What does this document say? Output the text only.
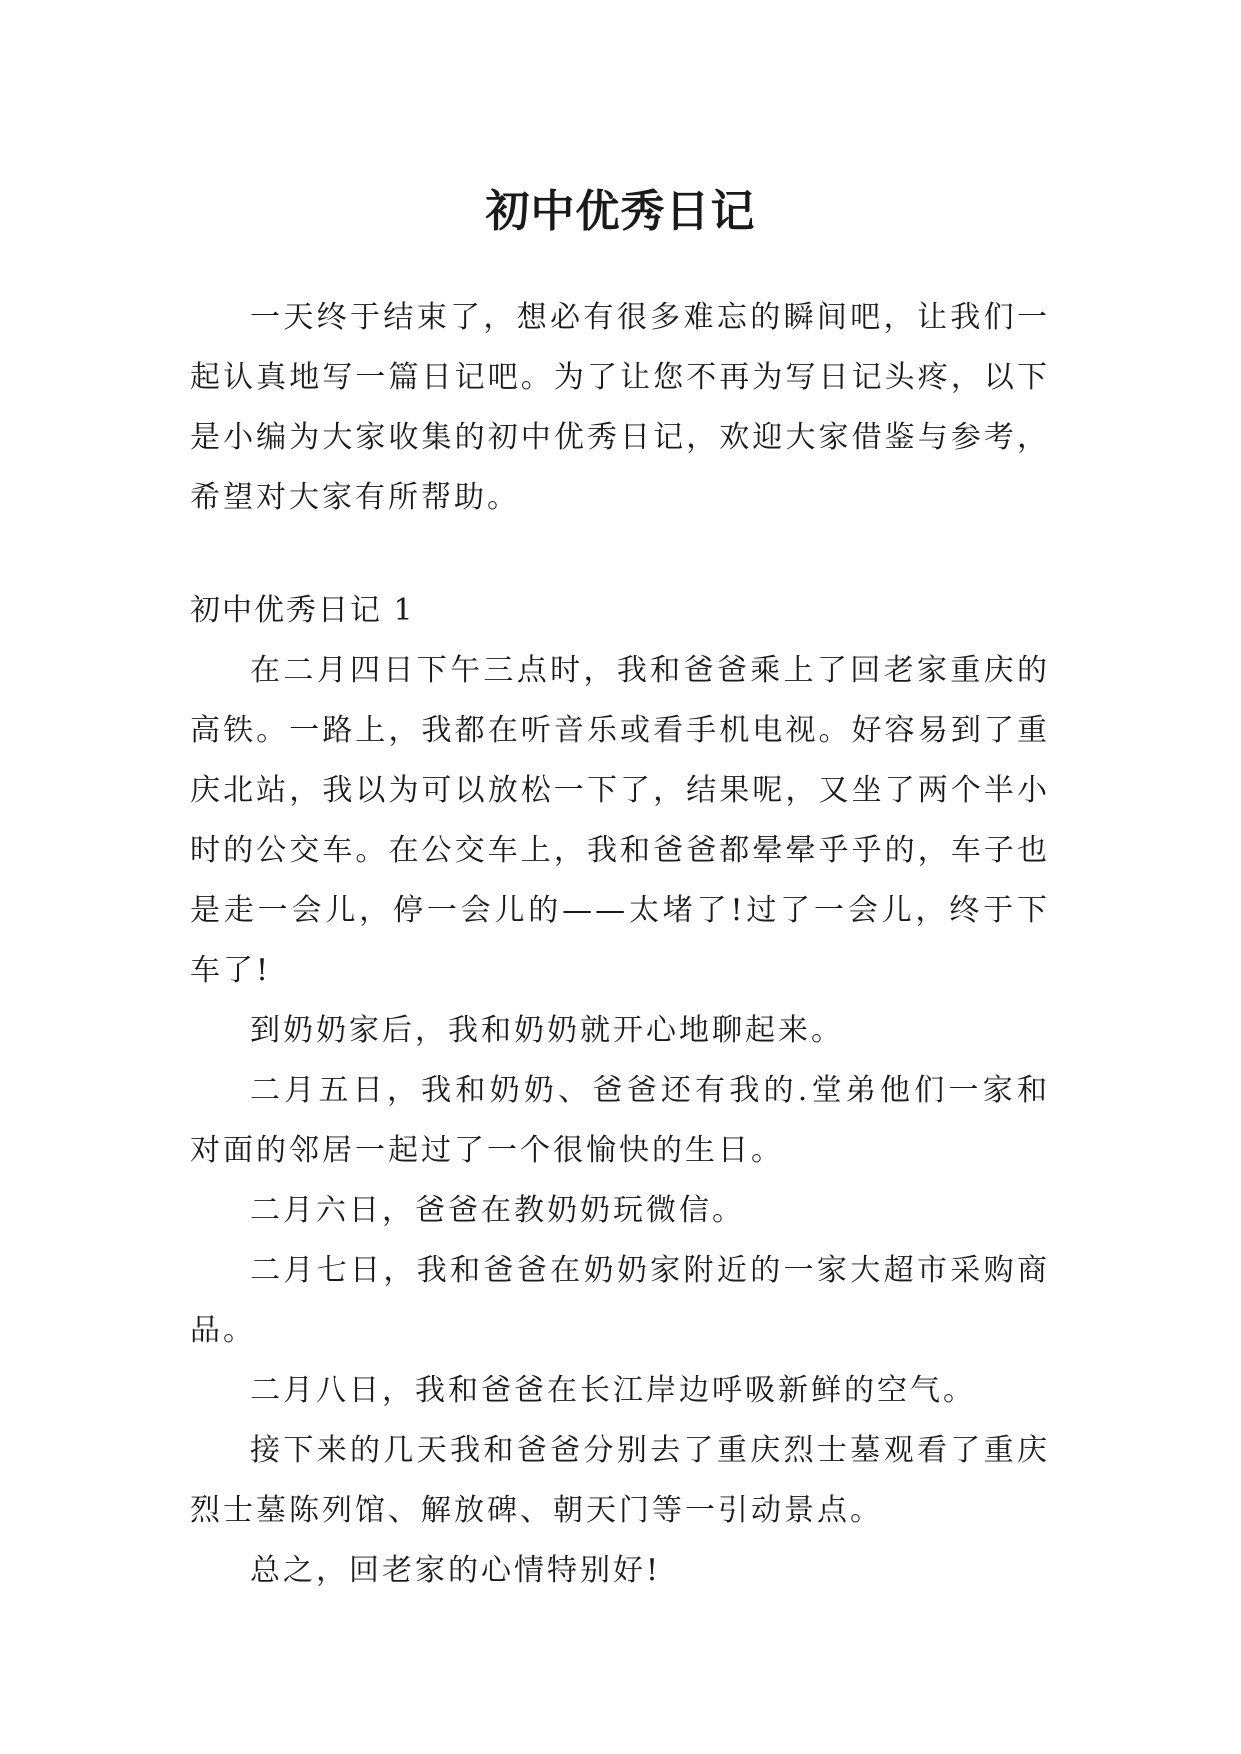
初中优秀日记

一天终于结束了，想必有很多难忘的瞬间吧，让我们一起认真地写一篇日记吧。为了让您不再为写日记头疼，以下是小编为大家收集的初中优秀日记，欢迎大家借鉴与参考，希望对大家有所帮助。

初中优秀日记 1

在二月四日下午三点时，我和爸爸乘上了回老家重庆的高铁。一路上，我都在听音乐或看手机电视。好容易到了重庆北站，我以为可以放松一下了，结果呢，又坐了两个半小时的公交车。在公交车上，我和爸爸都晕晕乎乎的，车子也是走一会儿，停一会儿的——太堵了!过了一会儿，终于下车了!

到奶奶家后，我和奶奶就开心地聊起来。

二月五日，我和奶奶、爸爸还有我的.堂弟他们一家和对面的邻居一起过了一个很愉快的生日。

二月六日，爸爸在教奶奶玩微信。

二月七日，我和爸爸在奶奶家附近的一家大超市采购商品。

二月八日，我和爸爸在长江岸边呼吸新鲜的空气。

接下来的几天我和爸爸分别去了重庆烈士墓观看了重庆烈士墓陈列馆、解放碑、朝天门等一引动景点。

总之，回老家的心情特别好!
